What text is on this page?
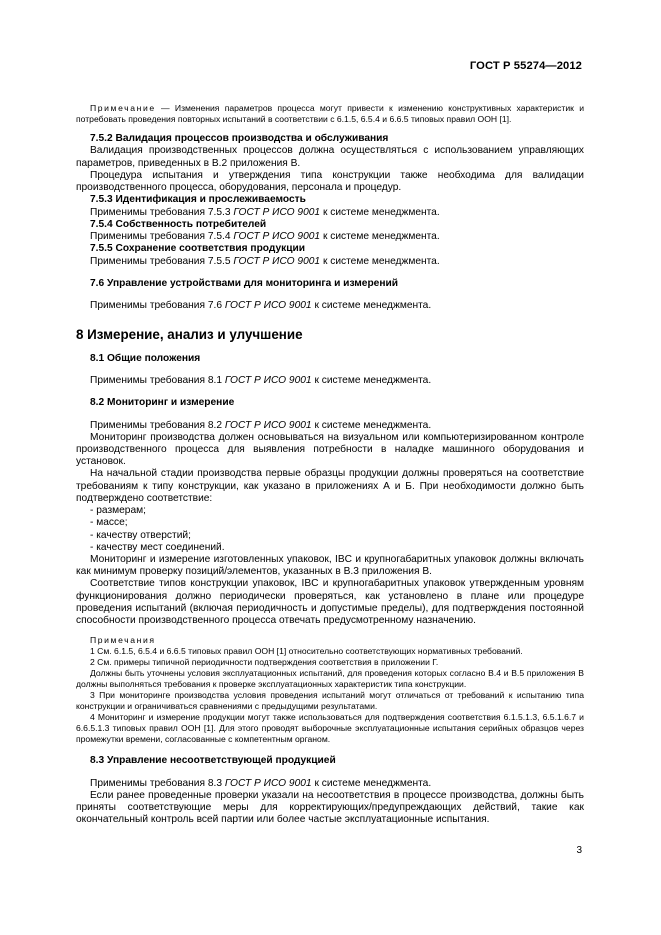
ГОСТ Р 55274—2012

Примечание — Изменения параметров процесса могут привести к изменению конструктивных характеристик и потребовать проведения повторных испытаний в соответствии с 6.1.5, 6.5.4 и 6.6.5 типовых правил ООН [1].

7.5.2 Валидация процессов производства и обслуживания

Валидация производственных процессов должна осуществляться с использованием управляющих параметров, приведенных в В.2 приложения В.

Процедура испытания и утверждения типа конструкции также необходима для валидации производственного процесса, оборудования, персонала и процедур.

7.5.3 Идентификация и прослеживаемость

Применимы требования 7.5.3 ГОСТ Р ИСО 9001 к системе менеджмента.

7.5.4 Собственность потребителей

Применимы требования 7.5.4 ГОСТ Р ИСО 9001 к системе менеджмента.

7.5.5 Сохранение соответствия продукции

Применимы требования 7.5.5 ГОСТ Р ИСО 9001 к системе менеджмента.

7.6 Управление устройствами для мониторинга и измерений

Применимы требования 7.6 ГОСТ Р ИСО 9001 к системе менеджмента.

8 Измерение, анализ и улучшение

8.1 Общие положения

Применимы требования 8.1 ГОСТ Р ИСО 9001 к системе менеджмента.

8.2 Мониторинг и измерение

Применимы требования 8.2 ГОСТ Р ИСО 9001 к системе менеджмента.

Мониторинг производства должен основываться на визуальном или компьютеризированном контроле производственного процесса для выявления потребности в наладке машинного оборудования и установок.

На начальной стадии производства первые образцы продукции должны проверяться на соответствие требованиям к типу конструкции, как указано в приложениях А и Б. При необходимости должно быть подтверждено соответствие:

- размерам;

- массе;

- качеству отверстий;

- качеству мест соединений.

Мониторинг и измерение изготовленных упаковок, IBC и крупногабаритных упаковок должны включать как минимум проверку позиций/элементов, указанных в В.3 приложения В.

Соответствие типов конструкции упаковок, IBC и крупногабаритных упаковок утвержденным уровням функционирования должно периодически проверяться, как установлено в плане или процедуре проведения испытаний (включая периодичность и допустимые пределы), для подтверждения постоянной способности производственного процесса отвечать предусмотренному назначению.

Примечания

1 См. 6.1.5, 6.5.4 и 6.6.5 типовых правил ООН [1] относительно соответствующих нормативных требований.

2 См. примеры типичной периодичности подтверждения соответствия в приложении Г.

Должны быть уточнены условия эксплуатационных испытаний, для проведения которых согласно В.4 и В.5 приложения В должны выполняться требования к проверке эксплуатационных характеристик типа конструкции.

3 При мониторинге производства условия проведения испытаний могут отличаться от требований к испытанию типа конструкции и ограничиваться сравнениями с предыдущими результатами.

4 Мониторинг и измерение продукции могут также использоваться для подтверждения соответствия 6.1.5.1.3, 6.5.1.6.7 и 6.6.5.1.3 типовых правил ООН [1]. Для этого проводят выборочные эксплуатационные испытания серийных образцов через промежутки времени, согласованные с компетентным органом.

8.3 Управление несоответствующей продукцией

Применимы требования 8.3 ГОСТ Р ИСО 9001 к системе менеджмента.

Если ранее проведенные проверки указали на несоответствия в процессе производства, должны быть приняты соответствующие меры для корректирующих/предупреждающих действий, такие как окончательный контроль всей партии или более частые эксплуатационные испытания.

3
